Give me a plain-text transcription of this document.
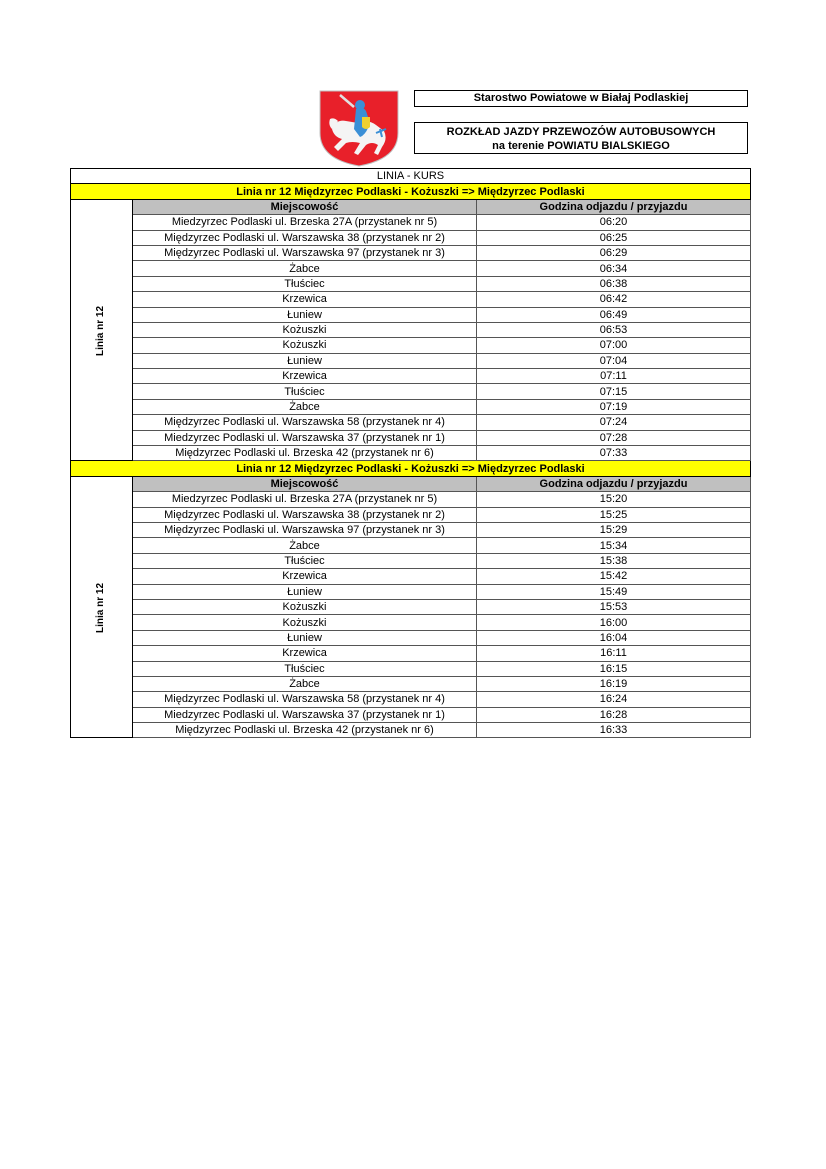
Starostwo Powiatowe w Białaj Podlaskiej
ROZKŁAD JAZDY PRZEWOZÓW AUTOBUSOWYCH
na terenie POWIATU BIALSKIEGO
LINIA - KURS		
Linia nr 12 Międzyrzec Podlaski - Kożuszki => Międzyrzec Podlaski		
Linia nr 12	Miejscowość	Godzina odjazdu / przyjazdu
	Miedzyrzec Podlaski ul. Brzeska 27A (przystanek nr 5)	06:20
	Międzyrzec Podlaski ul. Warszawska 38 (przystanek nr 2)	06:25
	Międzyrzec Podlaski ul. Warszawska 97 (przystanek nr 3)	06:29
	Żabce	06:34
	Tłuściec	06:38
	Krzewica	06:42
	Łuniew	06:49
	Kożuszki	06:53
	Kożuszki	07:00
	Łuniew	07:04
	Krzewica	07:11
	Tłuściec	07:15
	Żabce	07:19
	Międzyrzec Podlaski ul. Warszawska 58 (przystanek nr 4)	07:24
	Miedzyrzec Podlaski ul. Warszawska 37 (przystanek nr 1)	07:28
	Międzyrzec Podlaski ul. Brzeska 42 (przystanek nr 6)	07:33
Linia nr 12 Międzyrzec Podlaski - Kożuszki => Międzyrzec Podlaski		
Linia nr 12	Miejscowość	Godzina odjazdu / przyjazdu
	Miedzyrzec Podlaski ul. Brzeska 27A (przystanek nr 5)	15:20
	Międzyrzec Podlaski ul. Warszawska 38 (przystanek nr 2)	15:25
	Międzyrzec Podlaski ul. Warszawska 97 (przystanek nr 3)	15:29
	Żabce	15:34
	Tłuściec	15:38
	Krzewica	15:42
	Łuniew	15:49
	Kożuszki	15:53
	Kożuszki	16:00
	Łuniew	16:04
	Krzewica	16:11
	Tłuściec	16:15
	Żabce	16:19
	Międzyrzec Podlaski ul. Warszawska 58 (przystanek nr 4)	16:24
	Miedzyrzec Podlaski ul. Warszawska 37 (przystanek nr 1)	16:28
	Międzyrzec Podlaski ul. Brzeska 42 (przystanek nr 6)	16:33
